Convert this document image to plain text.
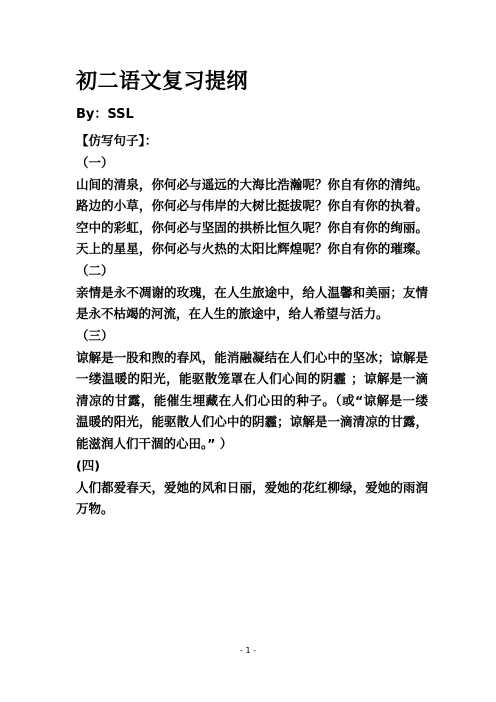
初二语文复习提纲
By：SSL
【仿写句子】：
（一）
山间的清泉，你何必与遥远的大海比浩瀚呢？你自有你的清纯。
路边的小草，你何必与伟岸的大树比挺拔呢？你自有你的执着。
空中的彩虹，你何必与坚固的拱桥比恒久呢？你自有你的绚丽。
天上的星星，你何必与火热的太阳比辉煌呢？你自有你的璀璨。
（二）
亲情是永不凋谢的玫瑰，在人生旅途中，给人温馨和美丽；友情
是永不枯竭的河流，在人生的旅途中，给人希望与活力。
（三）
谅解是一股和煦的春风，能消融凝结在人们心中的坚冰；谅解是
一缕温暖的阳光，能驱散笼罩在人们心间的阴霾 ；谅解是一滴
清凉的甘露，能催生埋藏在人们心田的种子。（或“谅解是一缕
温暖的阳光，能驱散人们心中的阴霾；谅解是一滴清凉的甘露，
能滋润人们干涸的心田。” ）
(四)
人们都爱春天，爱她的风和日丽，爱她的花红柳绿，爱她的雨润
万物。
- 1 -
